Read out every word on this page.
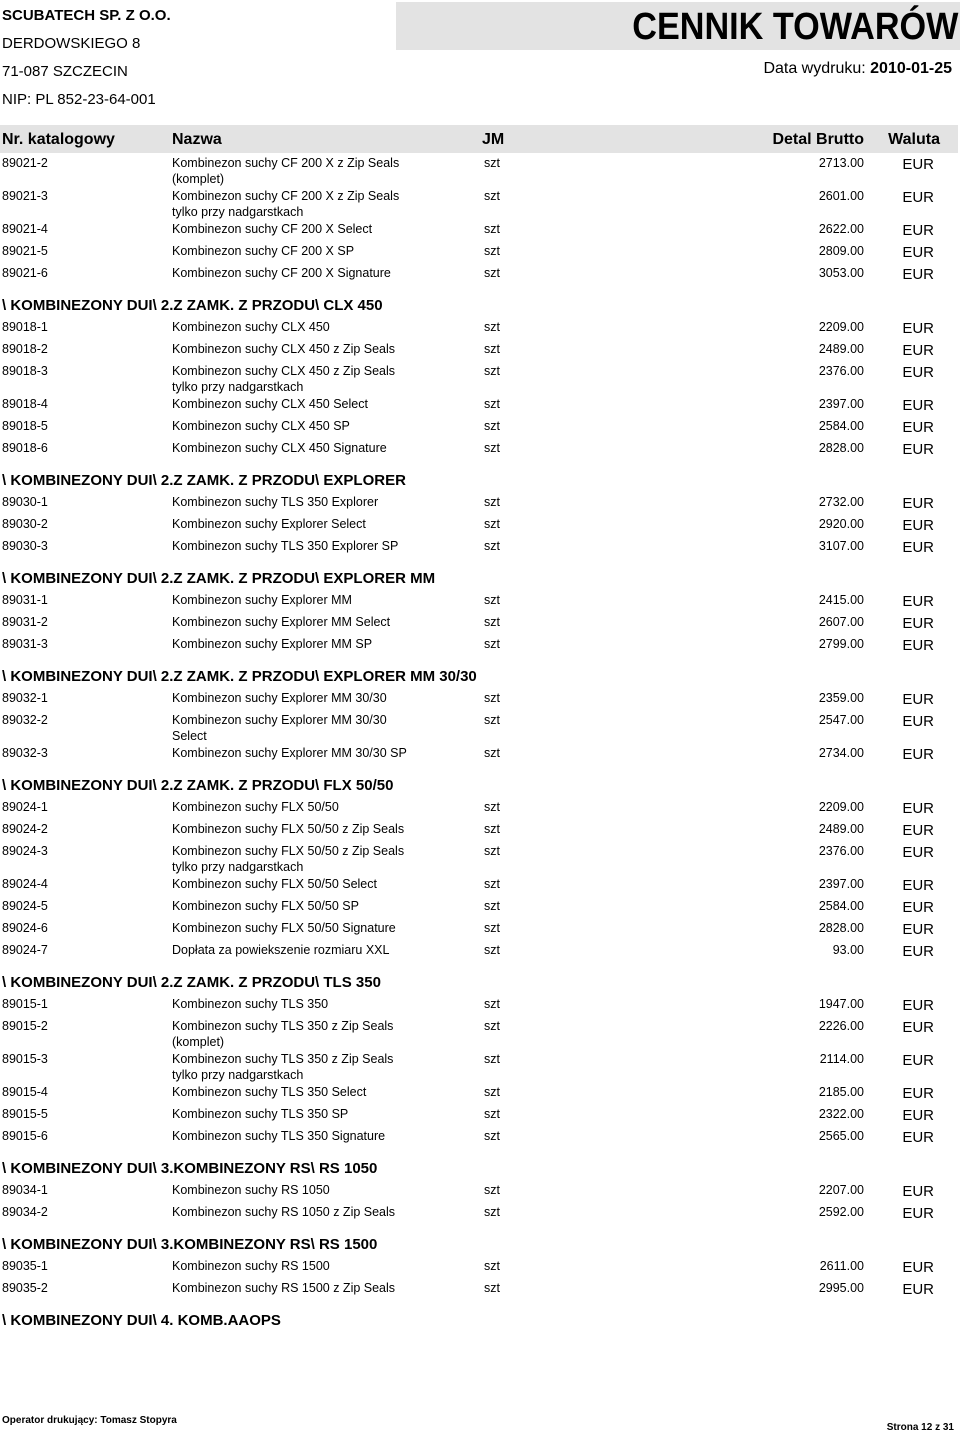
SCUBATECH SP. Z O.O.
DERDOWSKIEGO 8
71-087 SZCZECIN
NIP: PL 852-23-64-001
CENNIK TOWARÓW
Data wydruku: 2010-01-25
Nr. katalogowy	Nazwa	JM	Detal Brutto Waluta
89021-2	Kombinezon suchy CF 200 X z Zip Seals
(komplet)
szt	2713.00	EUR
89021-3	Kombinezon suchy CF 200 X z Zip Seals
tylko przy nadgarstkach
szt	2601.00	EUR
89021-4	Kombinezon suchy CF 200 X Select	szt	2622.00	EUR
89021-5	Kombinezon suchy CF 200 X SP	szt	2809.00	EUR
89021-6	Kombinezon suchy CF 200 X Signature	szt	3053.00	EUR
\ KOMBINEZONY DUI\ 2.Z ZAMK. Z PRZODU\ CLX 450
89018-1	Kombinezon suchy CLX 450	szt	2209.00	EUR
89018-2	Kombinezon suchy CLX 450 z Zip Seals	szt	2489.00	EUR
89018-3	Kombinezon suchy CLX 450 z Zip Seals
tylko przy nadgarstkach
szt	2376.00	EUR
89018-4	Kombinezon suchy CLX 450 Select	szt	2397.00	EUR
89018-5	Kombinezon suchy CLX 450 SP	szt	2584.00	EUR
89018-6	Kombinezon suchy CLX 450 Signature	szt	2828.00	EUR
\ KOMBINEZONY DUI\ 2.Z ZAMK. Z PRZODU\ EXPLORER
89030-1	Kombinezon suchy TLS 350 Explorer	szt	2732.00	EUR
89030-2	Kombinezon suchy Explorer Select	szt	2920.00	EUR
89030-3	Kombinezon suchy TLS 350 Explorer SP	szt	3107.00	EUR
\ KOMBINEZONY DUI\ 2.Z ZAMK. Z PRZODU\ EXPLORER MM
89031-1	Kombinezon suchy Explorer MM	szt	2415.00	EUR
89031-2	Kombinezon suchy Explorer MM Select	szt	2607.00	EUR
89031-3	Kombinezon suchy Explorer MM SP	szt	2799.00	EUR
\ KOMBINEZONY DUI\ 2.Z ZAMK. Z PRZODU\ EXPLORER MM 30/30
89032-1	Kombinezon suchy Explorer MM 30/30	szt	2359.00	EUR
89032-2	Kombinezon suchy Explorer MM 30/30
Select
szt	2547.00	EUR
89032-3	Kombinezon suchy Explorer MM 30/30 SP	szt	2734.00	EUR
\ KOMBINEZONY DUI\ 2.Z ZAMK. Z PRZODU\ FLX 50/50
89024-1	Kombinezon suchy FLX 50/50	szt	2209.00	EUR
89024-2	Kombinezon suchy FLX 50/50 z Zip Seals	szt	2489.00	EUR
89024-3	Kombinezon suchy FLX 50/50 z Zip Seals
tylko przy nadgarstkach
szt	2376.00	EUR
89024-4	Kombinezon suchy FLX 50/50 Select	szt	2397.00	EUR
89024-5	Kombinezon suchy FLX 50/50 SP	szt	2584.00	EUR
89024-6	Kombinezon suchy FLX 50/50 Signature	szt	2828.00	EUR
89024-7	Dopłata za powiekszenie rozmiaru XXL	szt	93.00	EUR
\ KOMBINEZONY DUI\ 2.Z ZAMK. Z PRZODU\ TLS 350
89015-1	Kombinezon suchy TLS 350	szt	1947.00	EUR
89015-2	Kombinezon suchy TLS 350 z Zip Seals
(komplet)
szt	2226.00	EUR
89015-3	Kombinezon suchy TLS 350 z Zip Seals
tylko przy nadgarstkach
szt	2114.00	EUR
89015-4	Kombinezon suchy TLS 350 Select	szt	2185.00	EUR
89015-5	Kombinezon suchy TLS 350 SP	szt	2322.00	EUR
89015-6	Kombinezon suchy TLS 350 Signature	szt	2565.00	EUR
\ KOMBINEZONY DUI\ 3.KOMBINEZONY RS\ RS 1050
89034-1	Kombinezon suchy RS 1050	szt	2207.00	EUR
89034-2	Kombinezon suchy RS 1050 z Zip Seals	szt	2592.00	EUR
\ KOMBINEZONY DUI\ 3.KOMBINEZONY RS\ RS 1500
89035-1	Kombinezon suchy RS 1500	szt	2611.00	EUR
89035-2	Kombinezon suchy RS 1500 z Zip Seals	szt	2995.00	EUR
\ KOMBINEZONY DUI\ 4. KOMB.AAOPS
Operator drukujący: Tomasz Stopyra
Strona 12 z 31
